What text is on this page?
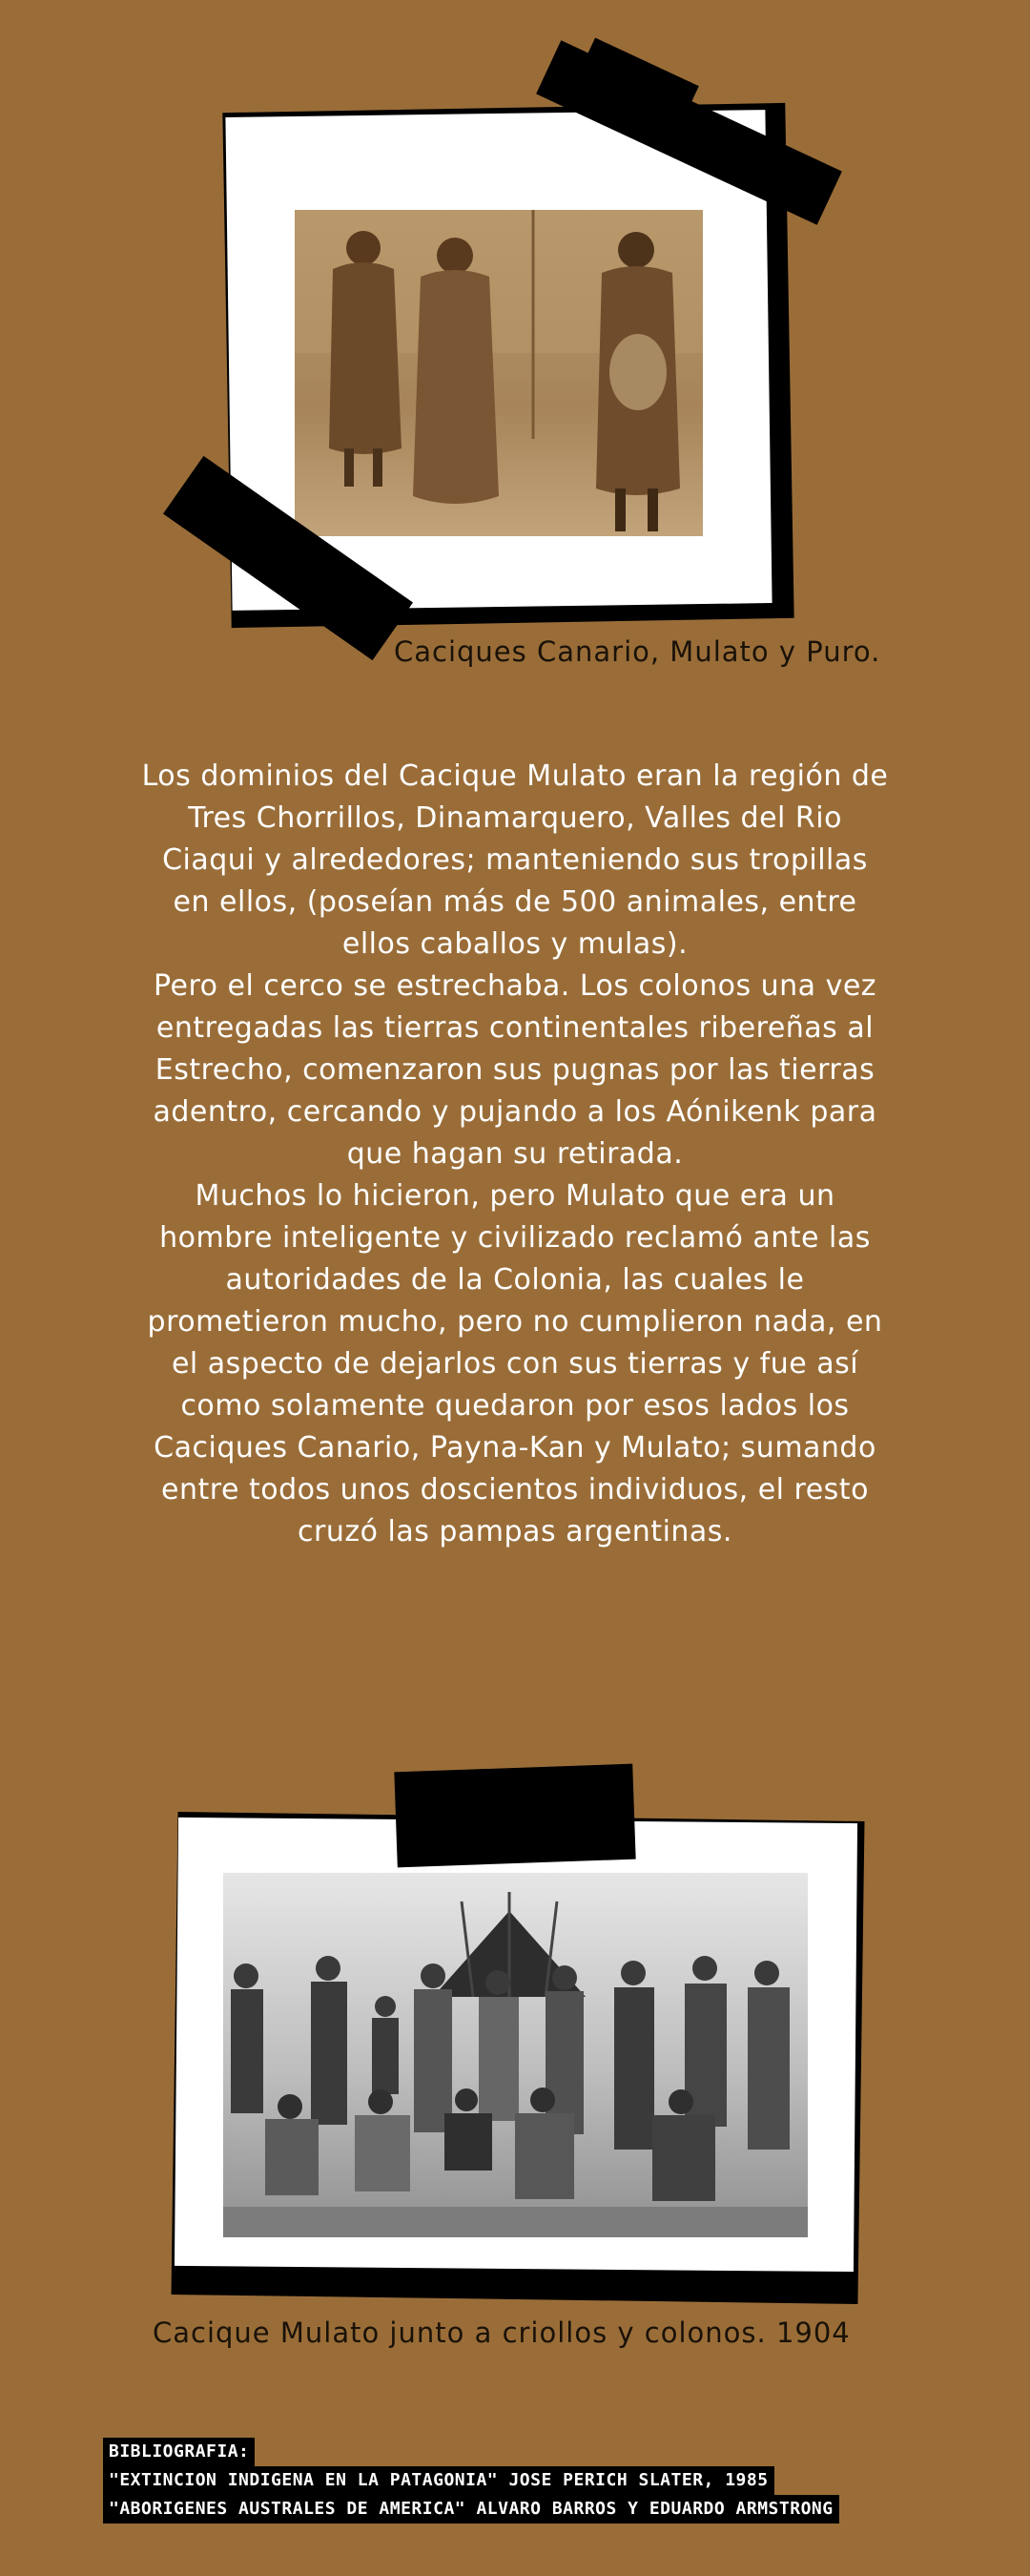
Caciques Canario, Mulato y Puro.

Los dominios del Cacique Mulato eran la región de Tres Chorrillos, Dinamarquero, Valles del Rio Ciaqui y alrededores; manteniendo sus tropillas en ellos, (poseían más de 500 animales, entre ellos caballos y mulas).

Pero el cerco se estrechaba. Los colonos una vez entregadas las tierras continentales ribereñas al Estrecho, comenzaron sus pugnas por las tierras adentro, cercando y pujando a los Aónikenk para que hagan su retirada.

Muchos lo hicieron, pero Mulato que era un hombre inteligente y civilizado reclamó ante las autoridades de la Colonia, las cuales le prometieron mucho, pero no cumplieron nada, en el aspecto de dejarlos con sus tierras y fue así como solamente quedaron por esos lados los Caciques Canario, Payna-Kan y Mulato; sumando entre todos unos doscientos individuos, el resto cruzó las pampas argentinas.

Cacique Mulato junto a criollos y colonos. 1904
BIBLIOGRAFIA:
"EXTINCION INDIGENA EN LA PATAGONIA" JOSE PERICH SLATER, 1985
"ABORIGENES AUSTRALES DE AMERICA" ALVARO BARROS Y EDUARDO ARMSTRONG
